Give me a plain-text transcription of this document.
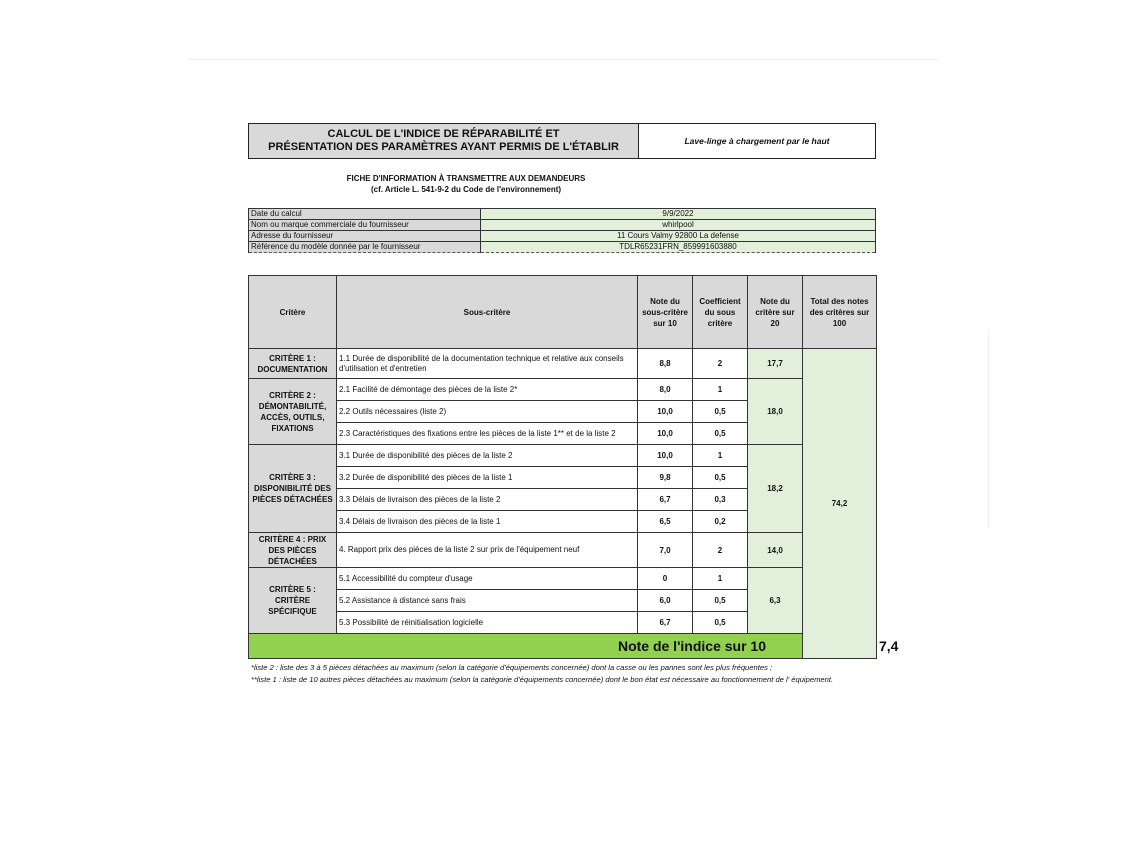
CALCUL DE L'INDICE DE RÉPARABILITÉ ET
PRÉSENTATION DES PARAMÈTRES AYANT PERMIS DE L'ÉTABLIR	Lave-linge à chargement par le haut
FICHE D'INFORMATION À TRANSMETTRE AUX DEMANDEURS
(cf. Article L. 541-9-2 du Code de l'environnement)
Date du calcul	9/9/2022
Nom ou marque commerciale du fournisseur	whirlpool
Adresse du fournisseur	11 Cours Valmy 92800 La defense
Référence du modèle donnée par le fournisseur	TDLR65231FRN_859991603880
Critère	Sous-critère	Note du sous-critère sur 10	Coefficient du sous critère	Note du critère sur 20	Total des notes des critères sur 100	
CRITÈRE 1 : DOCUMENTATION	1.1 Durée de disponibilité de la documentation technique et relative aux conseils d'utilisation et d'entretien	8,8	2	17,7	74,2	
CRITÈRE 2 : DÉMONTABILITÉ, ACCÈS, OUTILS, FIXATIONS	2.1 Facilité de démontage des pièces de la liste 2*	8,0	1	18,0		
	2.2 Outils nécessaires (liste 2)	10,0	0,5			
	2.3 Caractéristiques des fixations entre les pièces de la liste 1** et de la liste 2	10,0	0,5			
CRITÈRE 3 : DISPONIBILITÉ DES PIÈCES DÉTACHÉES	3.1 Durée de disponibilité des pièces de la liste 2	10,0	1	18,2		
	3.2 Durée de disponibilité des pièces de la liste 1	9,8	0,5			
	3.3 Délais de livraison des pièces de la liste 2	6,7	0,3			
	3.4 Délais de livraison des pièces de la liste 1	6,5	0,2			
CRITÈRE 4 : PRIX DES PIÈCES DÉTACHÉES	4. Rapport prix des pièces de la liste 2 sur prix de l'équipement neuf	7,0	2	14,0		
CRITÈRE 5 : CRITÈRE SPÉCIFIQUE	5.1 Accessibilité du compteur d'usage	0	1	6,3		
	5.2 Assistance à distance sans frais	6,0	0,5			
	5.3 Possibilité de réinitialisation logicielle	6,7	0,5			
Note de l'indice sur 10						7,4
*liste 2 : liste des 3 à 5 pièces détachées au maximum (selon la catégorie d'équipements concernée) dont la casse ou les pannes sont les plus fréquentes ;
**liste 1 : liste de 10 autres pièces détachées au maximum (selon la catégorie d'équipements concernée) dont le bon état est nécessaire au fonctionnement de l' équipement.
